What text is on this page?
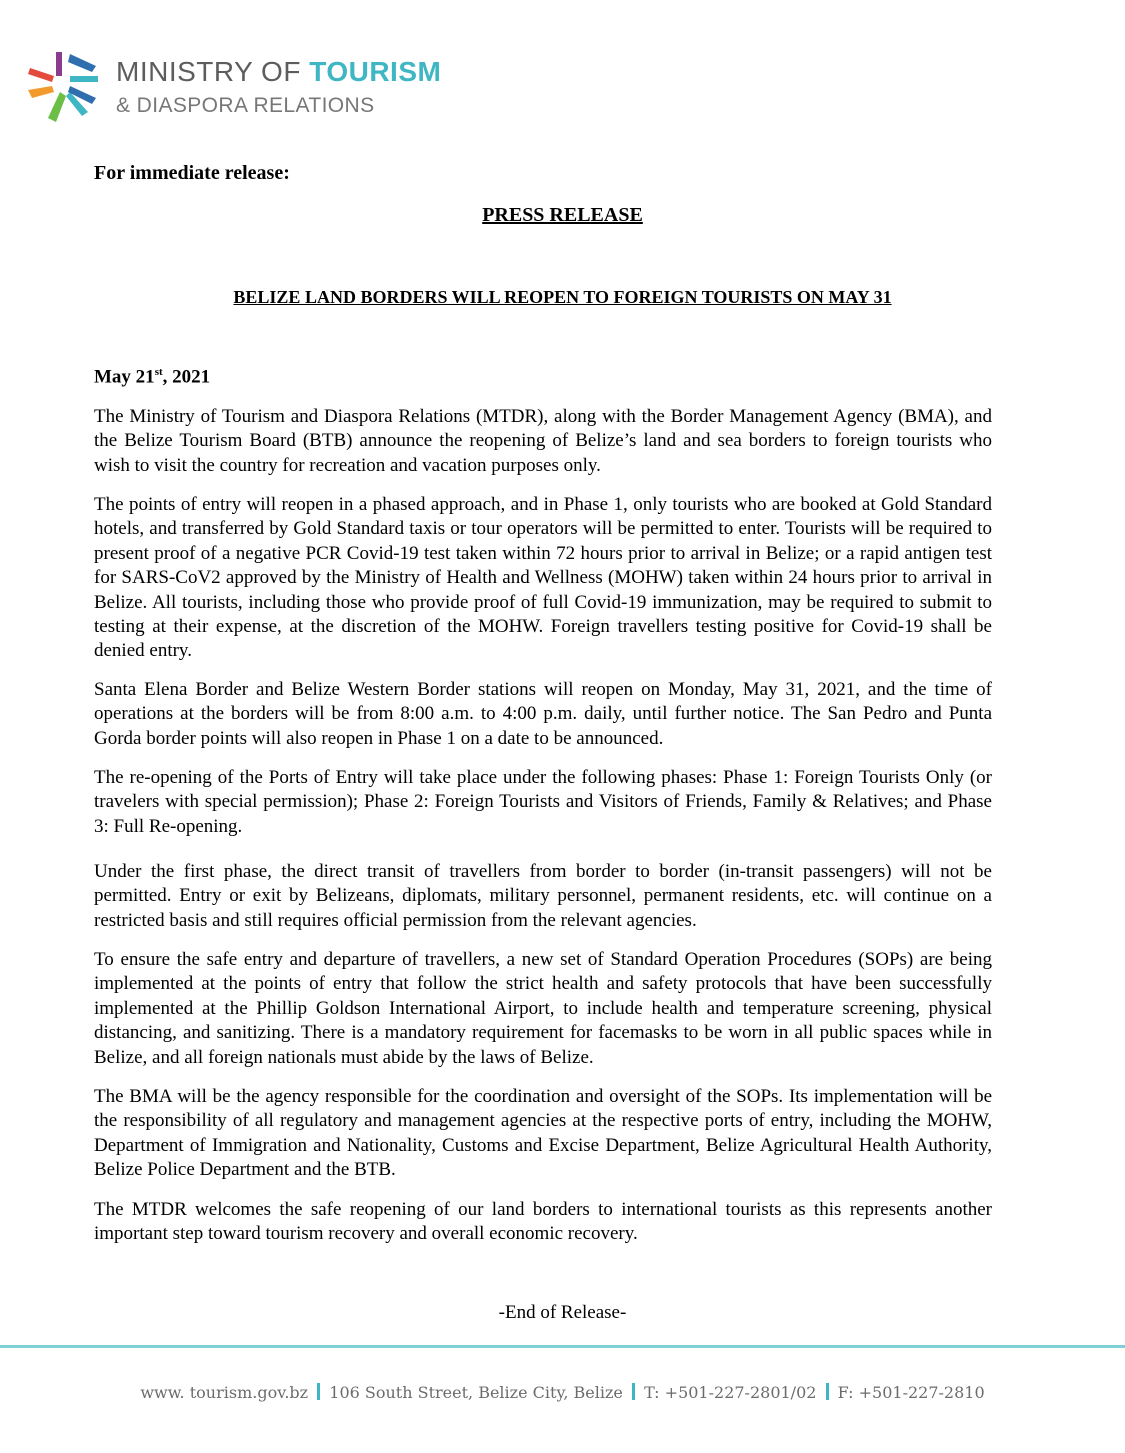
MINISTRY OF TOURISM
& DIASPORA RELATIONS
For immediate release:
PRESS RELEASE
BELIZE LAND BORDERS WILL REOPEN TO FOREIGN TOURISTS ON MAY 31
May 21st, 2021

The Ministry of Tourism and Diaspora Relations (MTDR), along with the Border Management Agency (BMA), and the Belize Tourism Board (BTB) announce the reopening of Belize’s land and sea borders to foreign tourists who wish to visit the country for recreation and vacation purposes only.

The points of entry will reopen in a phased approach, and in Phase 1, only tourists who are booked at Gold Standard hotels, and transferred by Gold Standard taxis or tour operators will be permitted to enter. Tourists will be required to present proof of a negative PCR Covid-19 test taken within 72 hours prior to arrival in Belize; or a rapid antigen test for SARS-CoV2 approved by the Ministry of Health and Wellness (MOHW) taken within 24 hours prior to arrival in Belize. All tourists, including those who provide proof of full Covid-19 immunization, may be required to submit to testing at their expense, at the discretion of the MOHW. Foreign travellers testing positive for Covid-19 shall be denied entry.

Santa Elena Border and Belize Western Border stations will reopen on Monday, May 31, 2021, and the time of operations at the borders will be from 8:00 a.m. to 4:00 p.m. daily, until further notice. The San Pedro and Punta Gorda border points will also reopen in Phase 1 on a date to be announced.

The re-opening of the Ports of Entry will take place under the following phases: Phase 1: Foreign Tourists Only (or travelers with special permission); Phase 2: Foreign Tourists and Visitors of Friends, Family & Relatives; and Phase 3: Full Re-opening.

Under the first phase, the direct transit of travellers from border to border (in-transit passengers) will not be permitted. Entry or exit by Belizeans, diplomats, military personnel, permanent residents, etc. will continue on a restricted basis and still requires official permission from the relevant agencies.

To ensure the safe entry and departure of travellers, a new set of Standard Operation Procedures (SOPs) are being implemented at the points of entry that follow the strict health and safety protocols that have been successfully implemented at the Phillip Goldson International Airport, to include health and temperature screening, physical distancing, and sanitizing. There is a mandatory requirement for facemasks to be worn in all public spaces while in Belize, and all foreign nationals must abide by the laws of Belize.

The BMA will be the agency responsible for the coordination and oversight of the SOPs. Its implementation will be the responsibility of all regulatory and management agencies at the respective ports of entry, including the MOHW, Department of Immigration and Nationality, Customs and Excise Department, Belize Agricultural Health Authority, Belize Police Department and the BTB.

The MTDR welcomes the safe reopening of our land borders to international tourists as this represents another important step toward tourism recovery and overall economic recovery.

-End of Release-
www. tourism.gov.bz 106 South Street, Belize City, Belize T: +501-227-2801/02 F: +501-227-2810
